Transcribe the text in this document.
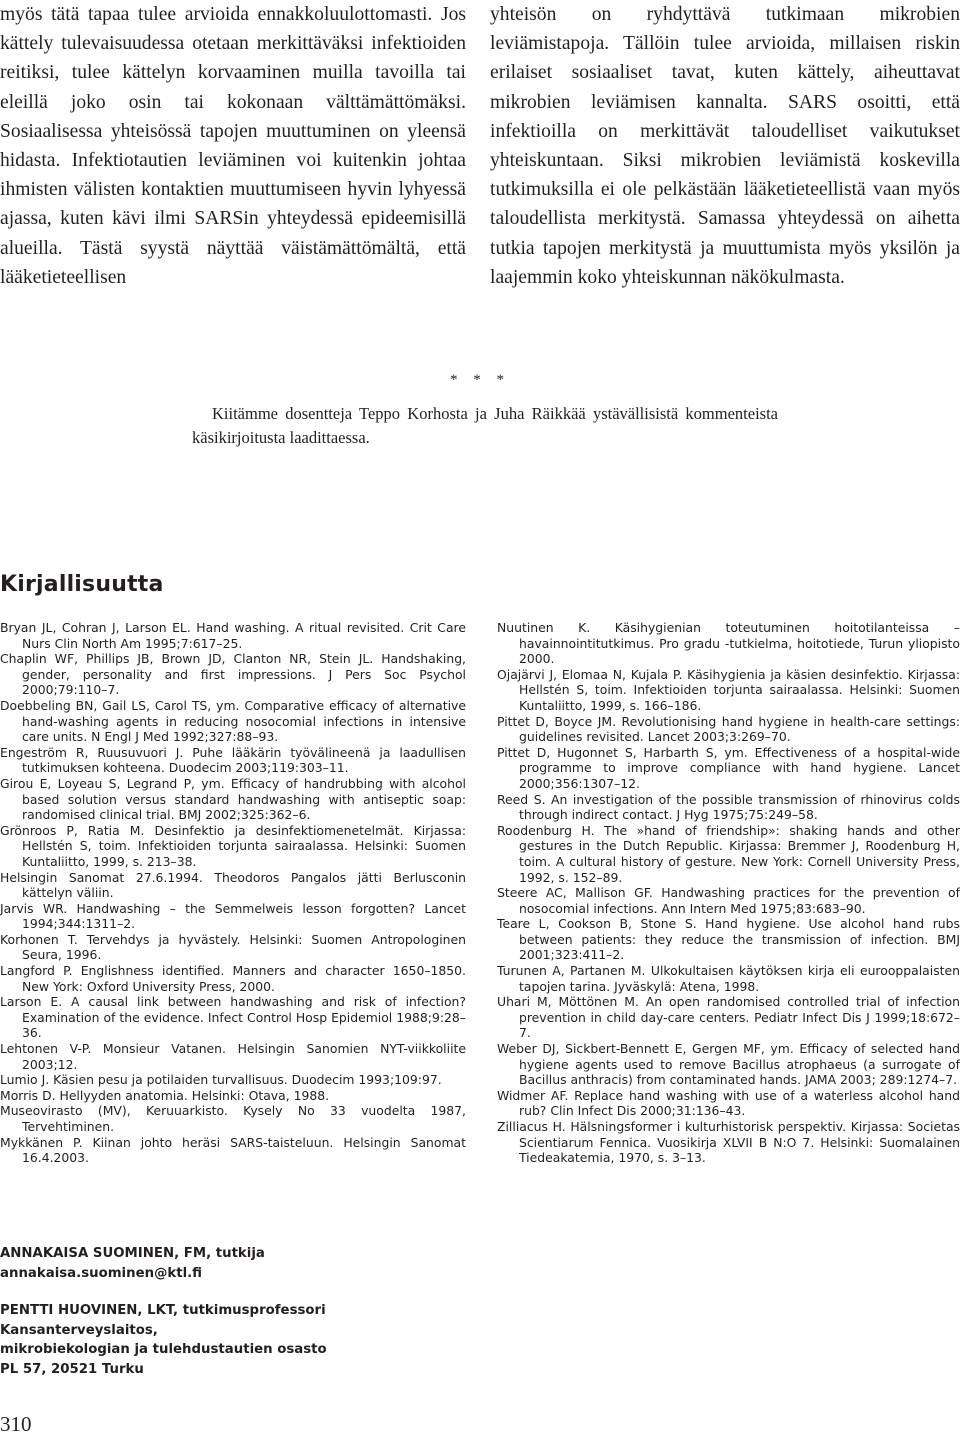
myös tätä tapaa tulee arvioida ennakkoluulottomasti. Jos kättely tulevaisuudessa otetaan merkittäväksi infektioiden reitiksi, tulee kättelyn korvaaminen muilla tavoilla tai eleillä joko osin tai kokonaan välttämättömäksi. Sosiaalisessa yhteisössä tapojen muuttuminen on yleensä hidasta. Infektiotautien leviäminen voi kuitenkin johtaa ihmisten välisten kontaktien muuttumiseen hyvin lyhyessä ajassa, kuten kävi ilmi SARSin yhteydessä epideemisillä alueilla. Tästä syystä näyttää väistämättömältä, että lääketieteellisen

yhteisön on ryhdyttävä tutkimaan mikrobien leviämistapoja. Tällöin tulee arvioida, millaisen riskin erilaiset sosiaaliset tavat, kuten kättely, aiheuttavat mikrobien leviämisen kannalta. SARS osoitti, että infektioilla on merkittävät taloudelliset vaikutukset yhteiskuntaan. Siksi mikrobien leviämistä koskevilla tutkimuksilla ei ole pelkästään lääketieteellistä vaan myös taloudellista merkitystä. Samassa yhteydessä on aihetta tutkia tapojen merkitystä ja muuttumista myös yksilön ja laajemmin koko yhteiskunnan näkökulmasta.

* * *
Kiitämme dosentteja Teppo Korhosta ja Juha Räikkää ystävällisistä kommenteista käsikirjoitusta laadittaessa.
Kirjallisuutta

Bryan JL, Cohran J, Larson EL. Hand washing. A ritual revisited. Crit Care Nurs Clin North Am 1995;7:617–25.

Chaplin WF, Phillips JB, Brown JD, Clanton NR, Stein JL. Handshaking, gender, personality and first impressions. J Pers Soc Psychol 2000;79:110–7.

Doebbeling BN, Gail LS, Carol TS, ym. Comparative efficacy of alternative hand-washing agents in reducing nosocomial infections in intensive care units. N Engl J Med 1992;327:88–93.

Engeström R, Ruusuvuori J. Puhe lääkärin työvälineenä ja laadullisen tutkimuksen kohteena. Duodecim 2003;119:303–11.

Girou E, Loyeau S, Legrand P, ym. Efficacy of handrubbing with alcohol based solution versus standard handwashing with antiseptic soap: randomised clinical trial. BMJ 2002;325:362–6.

Grönroos P, Ratia M. Desinfektio ja desinfektiomenetelmät. Kirjassa: Hellstén S, toim. Infektioiden torjunta sairaalassa. Helsinki: Suomen Kuntaliitto, 1999, s. 213–38.

Helsingin Sanomat 27.6.1994. Theodoros Pangalos jätti Berlusconin kättelyn väliin.

Jarvis WR. Handwashing – the Semmelweis lesson forgotten? Lancet 1994;344:1311–2.

Korhonen T. Tervehdys ja hyvästely. Helsinki: Suomen Antropologinen Seura, 1996.

Langford P. Englishness identified. Manners and character 1650–1850. New York: Oxford University Press, 2000.

Larson E. A causal link between handwashing and risk of infection? Examination of the evidence. Infect Control Hosp Epidemiol 1988;9:28–36.

Lehtonen V-P. Monsieur Vatanen. Helsingin Sanomien NYT-viikkoliite 2003;12.

Lumio J. Käsien pesu ja potilaiden turvallisuus. Duodecim 1993;109:97.

Morris D. Hellyyden anatomia. Helsinki: Otava, 1988.

Museovirasto (MV), Keruuarkisto. Kysely No 33 vuodelta 1987, Tervehtiminen.

Mykkänen P. Kiinan johto heräsi SARS-taisteluun. Helsingin Sanomat 16.4.2003.

Nuutinen K. Käsihygienian toteutuminen hoitotilanteissa – havainnointitutkimus. Pro gradu -tutkielma, hoitotiede, Turun yliopisto 2000.

Ojajärvi J, Elomaa N, Kujala P. Käsihygienia ja käsien desinfektio. Kirjassa: Hellstén S, toim. Infektioiden torjunta sairaalassa. Helsinki: Suomen Kuntaliitto, 1999, s. 166–186.

Pittet D, Boyce JM. Revolutionising hand hygiene in health-care settings: guidelines revisited. Lancet 2003;3:269–70.

Pittet D, Hugonnet S, Harbarth S, ym. Effectiveness of a hospital-wide programme to improve compliance with hand hygiene. Lancet 2000;356:1307–12.

Reed S. An investigation of the possible transmission of rhinovirus colds through indirect contact. J Hyg 1975;75:249–58.

Roodenburg H. The »hand of friendship»: shaking hands and other gestures in the Dutch Republic. Kirjassa: Bremmer J, Roodenburg H, toim. A cultural history of gesture. New York: Cornell University Press, 1992, s. 152–89.

Steere AC, Mallison GF. Handwashing practices for the prevention of nosocomial infections. Ann Intern Med 1975;83:683–90.

Teare L, Cookson B, Stone S. Hand hygiene. Use alcohol hand rubs between patients: they reduce the transmission of infection. BMJ 2001;323:411–2.

Turunen A, Partanen M. Ulkokultaisen käytöksen kirja eli eurooppalaisten tapojen tarina. Jyväskylä: Atena, 1998.

Uhari M, Möttönen M. An open randomised controlled trial of infection prevention in child day-care centers. Pediatr Infect Dis J 1999;18:672–7.

Weber DJ, Sickbert-Bennett E, Gergen MF, ym. Efficacy of selected hand hygiene agents used to remove Bacillus atrophaeus (a surrogate of Bacillus anthracis) from contaminated hands. JAMA 2003; 289:1274–7.

Widmer AF. Replace hand washing with use of a waterless alcohol hand rub? Clin Infect Dis 2000;31:136–43.

Zilliacus H. Hälsningsformer i kulturhistorisk perspektiv. Kirjassa: Societas Scientiarum Fennica. Vuosikirja XLVII B N:O 7. Helsinki: Suomalainen Tiedeakatemia, 1970, s. 3–13.

ANNAKAISA SUOMINEN, FM, tutkija
annakaisa.suominen@ktl.fi
PENTTI HUOVINEN, LKT, tutkimusprofessori
Kansanterveyslaitos,
mikrobiekologian ja tulehdustautien osasto
PL 57, 20521 Turku
310
